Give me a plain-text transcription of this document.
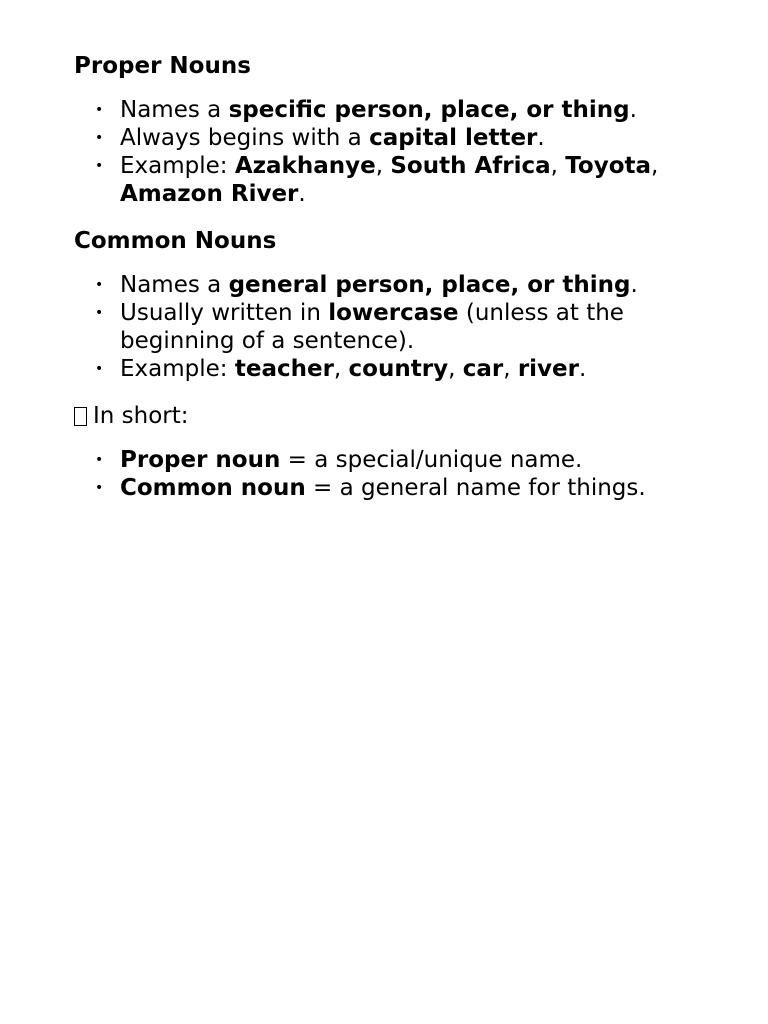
Proper Nouns
• Names a specific person, place, or thing.
• Always begins with a capital letter.
• Example: Azakhanye, South Africa, Toyota, Amazon River.
Common Nouns
• Names a general person, place, or thing.
• Usually written in lowercase (unless at the beginning of a sentence).
• Example: teacher, country, car, river.

In short:

• Proper noun = a special/unique name.
• Common noun = a general name for things.
